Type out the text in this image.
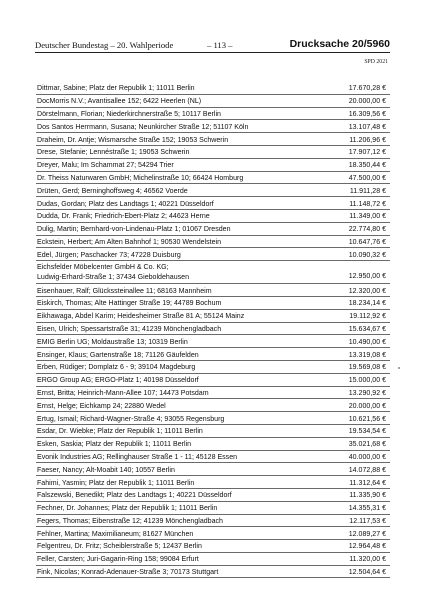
Deutscher Bundestag – 20. Wahlperiode	– 113 –	Drucksache 20/5960
SPD 2021
Dittmar, Sabine; Platz der Republik 1; 11011 Berlin	17.670,28 €
DocMorris N.V.; Avantisallee 152; 6422 Heerlen (NL)	20.000,00 €
Dörstelmann, Florian; Niederkirchnerstraße 5; 10117 Berlin	16.309,56 €
Dos Santos Herrmann, Susana; Neunkircher Straße 12; 51107 Köln	13.107,48 €
Draheim, Dr. Antje; Wismarsche Straße 152; 19053 Schwerin	11.206,96 €
Drese, Stefanie; Lennéstraße 1; 19053 Schwerin	17.907,12 €
Dreyer, Malu; Im Schammat 27; 54294 Trier	18.350,44 €
Dr. Theiss Naturwaren GmbH; Michelinstraße 10; 66424 Homburg	47.500,00 €
Drüten, Gerd; Berninghoffsweg 4; 46562 Voerde	11.911,28 €
Dudas, Gordan; Platz des Landtags 1; 40221 Düsseldorf	11.148,72 €
Dudda, Dr. Frank; Friedrich-Ebert-Platz 2; 44623 Herne	11.349,00 €
Dulig, Martin; Bernhard-von-Lindenau-Platz 1; 01067 Dresden	22.774,80 €
Eckstein, Herbert; Am Alten Bahnhof 1; 90530 Wendelstein	10.647,76 €
Edel, Jürgen; Paschacker 73; 47228 Duisburg	10.090,32 €
Eichsfelder Möbelcenter GmbH & Co. KG;
Ludwig-Erhard-Straße 1; 37434 Gieboldehausen	12.950,00 €
Eisenhauer, Ralf; Glückssteinallee 11; 68163 Mannheim	12.320,00 €
Eiskirch, Thomas; Alte Hattinger Straße 19; 44789 Bochum	18.234,14 €
Eikhawaga, Abdel Karim; Heidesheimer Straße 81 A; 55124 Mainz	19.112,92 €
Eisen, Ulrich; Spessartstraße 31; 41239 Mönchengladbach	15.634,67 €
EMIG Berlin UG; Moldaustraße 13; 10319 Berlin	10.490,00 €
Ensinger, Klaus; Gartenstraße 18; 71126 Gäufelden	13.319,08 €
Erben, Rüdiger; Domplatz 6 - 9; 39104 Magdeburg	19.569,08 €
ERGO Group AG; ERGO-Platz 1; 40198 Düsseldorf	15.000,00 €
Ernst, Britta; Heinrich-Mann-Allee 107; 14473 Potsdam	13.290,92 €
Ernst, Helge; Eichkamp 24; 22880 Wedel	20.000,00 €
Ertug, Ismail; Richard-Wagner-Straße 4; 93055 Regensburg	10.621,56 €
Esdar, Dr. Wiebke; Platz der Republik 1; 11011 Berlin	19.534,54 €
Esken, Saskia; Platz der Republik 1; 11011 Berlin	35.021,68 €
Evonik Industries AG; Rellinghauser Straße 1 - 11; 45128 Essen	40.000,00 €
Faeser, Nancy; Alt-Moabit 140; 10557 Berlin	14.072,88 €
Fahimi, Yasmin; Platz der Republik 1; 11011 Berlin	11.312,64 €
Falszewski, Benedikt; Platz des Landtags 1; 40221 Düsseldorf	11.335,90 €
Fechner, Dr. Johannes; Platz der Republik 1; 11011 Berlin	14.355,31 €
Fegers, Thomas; Eibenstraße 12; 41239 Mönchengladbach	12.117,53 €
Fehlner, Martina; Maximilianeum; 81627 München	12.089,27 €
Felgentreu, Dr. Fritz; Scheiblerstraße 5; 12437 Berlin	12.964,48 €
Feller, Carsten; Juri-Gagarin-Ring 158; 99084 Erfurt	11.320,00 €
Fink, Nicolas; Konrad-Adenauer-Straße 3; 70173 Stuttgart	12.504,64 €
